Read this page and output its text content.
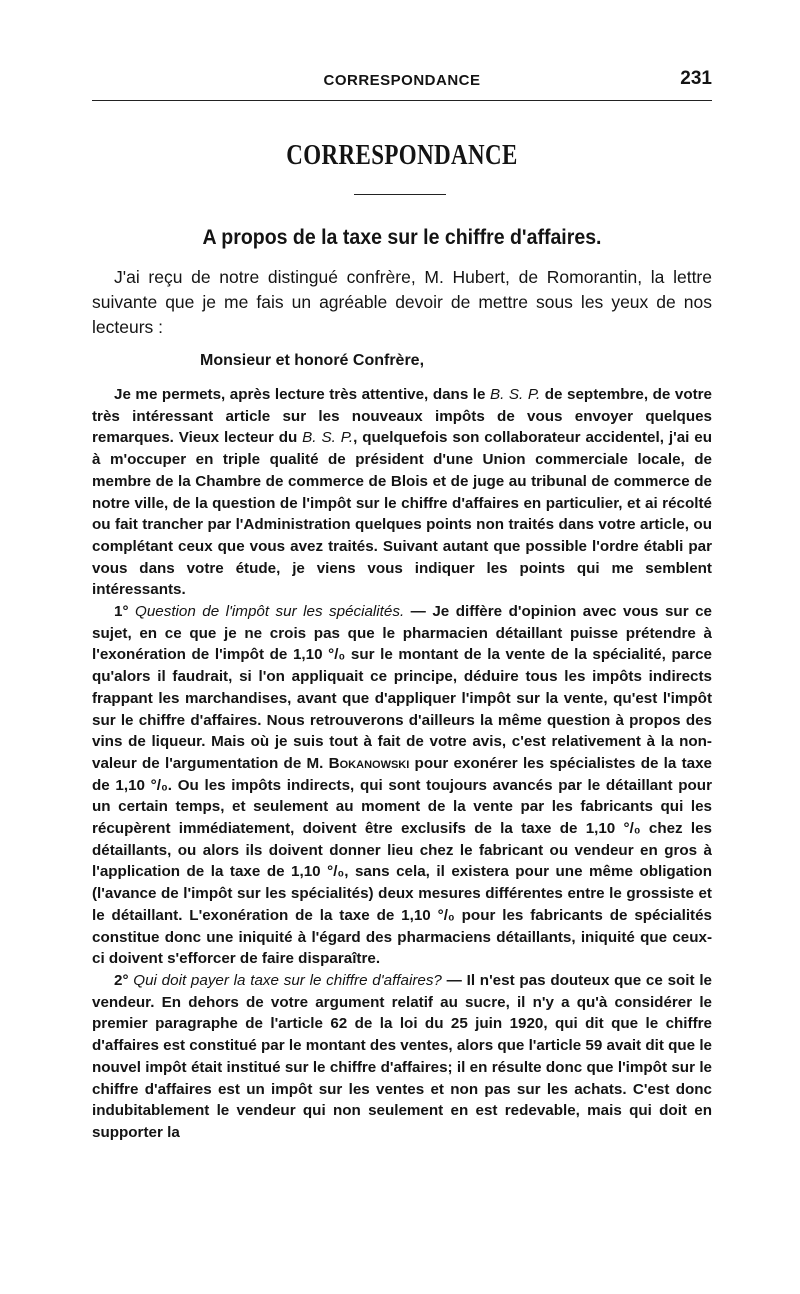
CORRESPONDANCE	231
CORRESPONDANCE
A propos de la taxe sur le chiffre d'affaires.

J'ai reçu de notre distingué confrère, M. Hubert, de Romorantin, la lettre suivante que je me fais un agréable devoir de mettre sous les yeux de nos lecteurs :

Monsieur et honoré Confrère,

Je me permets, après lecture très attentive, dans le B. S. P. de septembre, de votre très intéressant article sur les nouveaux impôts de vous envoyer quelques remarques. Vieux lecteur du B. S. P., quelquefois son collaborateur accidentel, j'ai eu à m'occuper en triple qualité de président d'une Union commerciale locale, de membre de la Chambre de commerce de Blois et de juge au tribunal de commerce de notre ville, de la question de l'impôt sur le chiffre d'affaires en particulier, et ai récolté ou fait trancher par l'Administration quelques points non traités dans votre article, ou complétant ceux que vous avez traités. Suivant autant que possible l'ordre établi par vous dans votre étude, je viens vous indiquer les points qui me semblent intéressants.

1° Question de l'impôt sur les spécialités. — Je diffère d'opinion avec vous sur ce sujet, en ce que je ne crois pas que le pharmacien détaillant puisse prétendre à l'exonération de l'impôt de 1,10 °/₀ sur le montant de la vente de la spécialité, parce qu'alors il faudrait, si l'on appliquait ce principe, déduire tous les impôts indirects frappant les marchandises, avant que d'appliquer l'impôt sur la vente, qu'est l'impôt sur le chiffre d'affaires. Nous retrouverons d'ailleurs la même question à propos des vins de liqueur. Mais où je suis tout à fait de votre avis, c'est relativement à la non-valeur de l'argumentation de M. Bokanowski pour exonérer les spécialistes de la taxe de 1,10 °/₀. Ou les impôts indirects, qui sont toujours avancés par le détaillant pour un certain temps, et seulement au moment de la vente par les fabricants qui les récupèrent immédiatement, doivent être exclusifs de la taxe de 1,10 °/₀ chez les détaillants, ou alors ils doivent donner lieu chez le fabricant ou vendeur en gros à l'application de la taxe de 1,10 °/₀, sans cela, il existera pour une même obligation (l'avance de l'impôt sur les spécialités) deux mesures différentes entre le grossiste et le détaillant. L'exonération de la taxe de 1,10 °/₀ pour les fabricants de spécialités constitue donc une iniquité à l'égard des pharmaciens détaillants, iniquité que ceux-ci doivent s'efforcer de faire disparaître.

2° Qui doit payer la taxe sur le chiffre d'affaires? — Il n'est pas douteux que ce soit le vendeur. En dehors de votre argument relatif au sucre, il n'y a qu'à considérer le premier paragraphe de l'article 62 de la loi du 25 juin 1920, qui dit que le chiffre d'affaires est constitué par le montant des ventes, alors que l'article 59 avait dit que le nouvel impôt était institué sur le chiffre d'affaires; il en résulte donc que l'impôt sur le chiffre d'affaires est un impôt sur les ventes et non pas sur les achats. C'est donc indubitablement le vendeur qui non seulement en est redevable, mais qui doit en supporter la
